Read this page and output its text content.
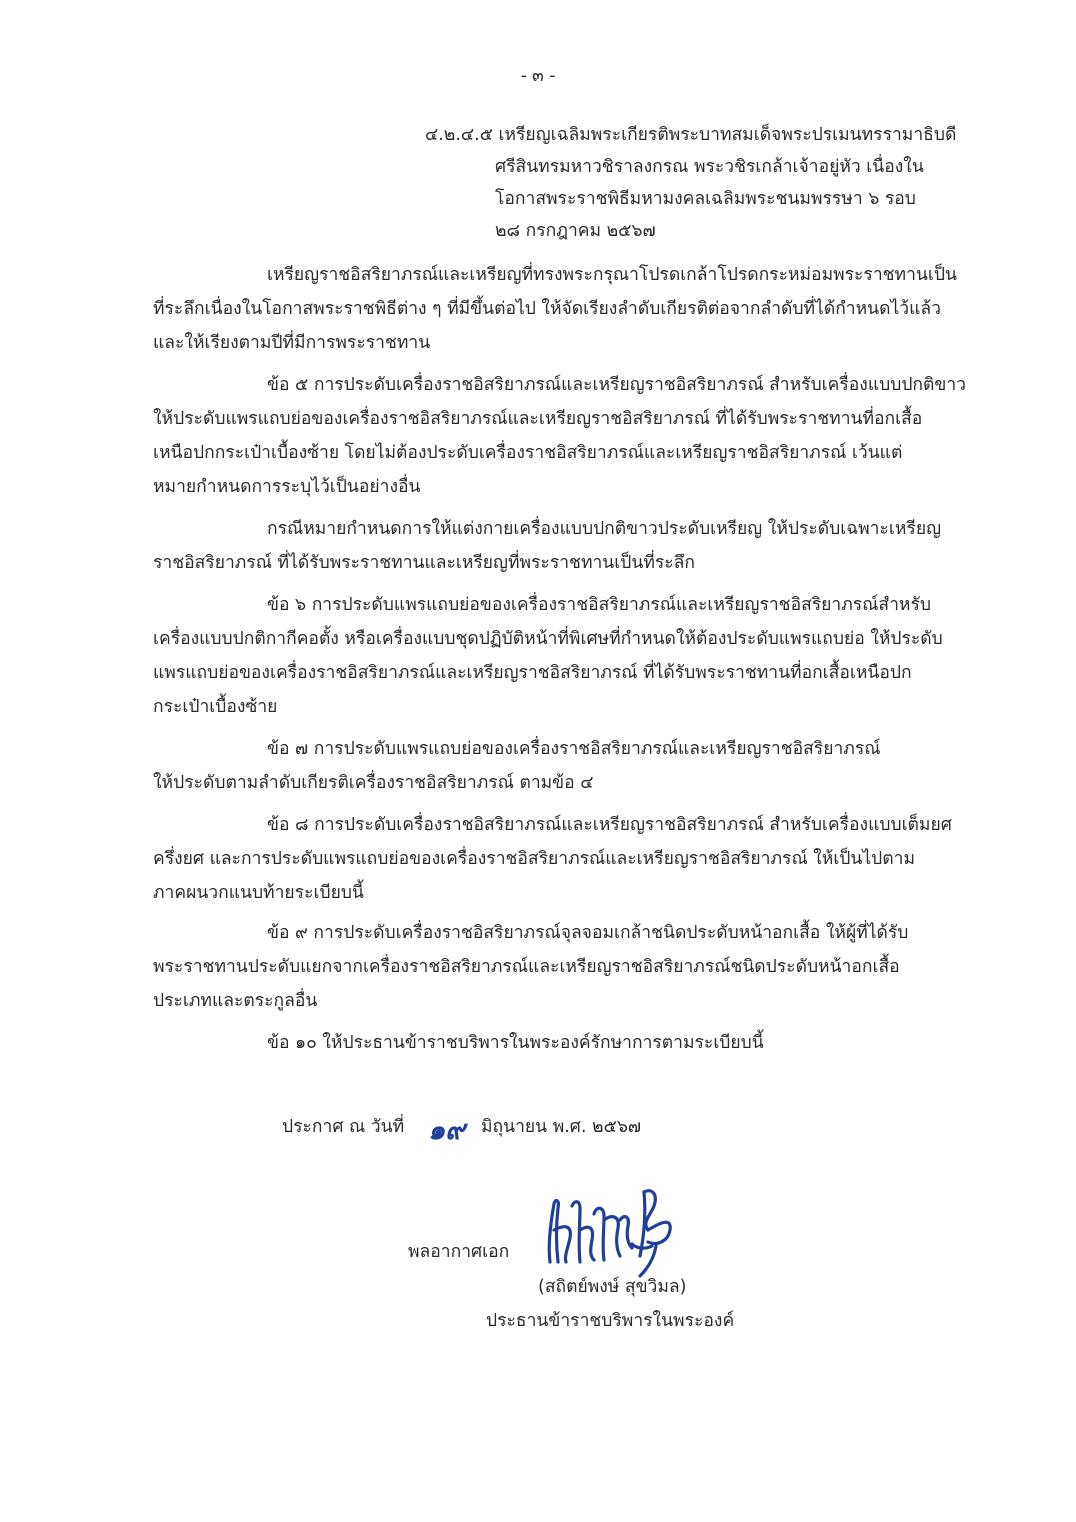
- ๓ -
๔.๒.๔.๕ เหรียญเฉลิมพระเกียรติพระบาทสมเด็จพระปรเมนทรรามาธิบดี
ศรีสินทรมหาวชิราลงกรณ พระวชิรเกล้าเจ้าอยู่หัว เนื่องใน
โอกาสพระราชพิธีมหามงคลเฉลิมพระชนมพรรษา ๖ รอบ
๒๘ กรกฎาคม ๒๕๖๗
เหรียญราชอิสริยาภรณ์และเหรียญที่ทรงพระกรุณาโปรดเกล้าโปรดกระหม่อมพระราชทานเป็น
ที่ระลึกเนื่องในโอกาสพระราชพิธีต่าง ๆ ที่มีขึ้นต่อไป ให้จัดเรียงลำดับเกียรติต่อจากลำดับที่ได้กำหนดไว้แล้ว
และให้เรียงตามปีที่มีการพระราชทาน
ข้อ ๕ การประดับเครื่องราชอิสริยาภรณ์และเหรียญราชอิสริยาภรณ์ สำหรับเครื่องแบบปกติขาว
ให้ประดับแพรแถบย่อของเครื่องราชอิสริยาภรณ์และเหรียญราชอิสริยาภรณ์ ที่ได้รับพระราชทานที่อกเสื้อ
เหนือปกกระเป๋าเบื้องซ้าย โดยไม่ต้องประดับเครื่องราชอิสริยาภรณ์และเหรียญราชอิสริยาภรณ์ เว้นแต่
หมายกำหนดการระบุไว้เป็นอย่างอื่น
กรณีหมายกำหนดการให้แต่งกายเครื่องแบบปกติขาวประดับเหรียญ ให้ประดับเฉพาะเหรียญ
ราชอิสริยาภรณ์ ที่ได้รับพระราชทานและเหรียญที่พระราชทานเป็นที่ระลึก
ข้อ ๖ การประดับแพรแถบย่อของเครื่องราชอิสริยาภรณ์และเหรียญราชอิสริยาภรณ์สำหรับ
เครื่องแบบปกติกากีคอตั้ง หรือเครื่องแบบชุดปฏิบัติหน้าที่พิเศษที่กำหนดให้ต้องประดับแพรแถบย่อ ให้ประดับ
แพรแถบย่อของเครื่องราชอิสริยาภรณ์และเหรียญราชอิสริยาภรณ์ ที่ได้รับพระราชทานที่อกเสื้อเหนือปก
กระเป๋าเบื้องซ้าย
ข้อ ๗ การประดับแพรแถบย่อของเครื่องราชอิสริยาภรณ์และเหรียญราชอิสริยาภรณ์
ให้ประดับตามลำดับเกียรติเครื่องราชอิสริยาภรณ์ ตามข้อ ๔
ข้อ ๘ การประดับเครื่องราชอิสริยาภรณ์และเหรียญราชอิสริยาภรณ์ สำหรับเครื่องแบบเต็มยศ
ครึ่งยศ และการประดับแพรแถบย่อของเครื่องราชอิสริยาภรณ์และเหรียญราชอิสริยาภรณ์ ให้เป็นไปตาม
ภาคผนวกแนบท้ายระเบียบนี้
ข้อ ๙ การประดับเครื่องราชอิสริยาภรณ์จุลจอมเกล้าชนิดประดับหน้าอกเสื้อ ให้ผู้ที่ได้รับ
พระราชทานประดับแยกจากเครื่องราชอิสริยาภรณ์และเหรียญราชอิสริยาภรณ์ชนิดประดับหน้าอกเสื้อ
ประเภทและตระกูลอื่น
ข้อ ๑๐ ให้ประธานข้าราชบริพารในพระองค์รักษาการตามระเบียบนี้
ประกาศ ณ วันที่ ๑๙ มิถุนายน พ.ศ. ๒๕๖๗
พลอากาศเอก
(สถิตย์พงษ์ สุขวิมล)
ประธานข้าราชบริพารในพระองค์
